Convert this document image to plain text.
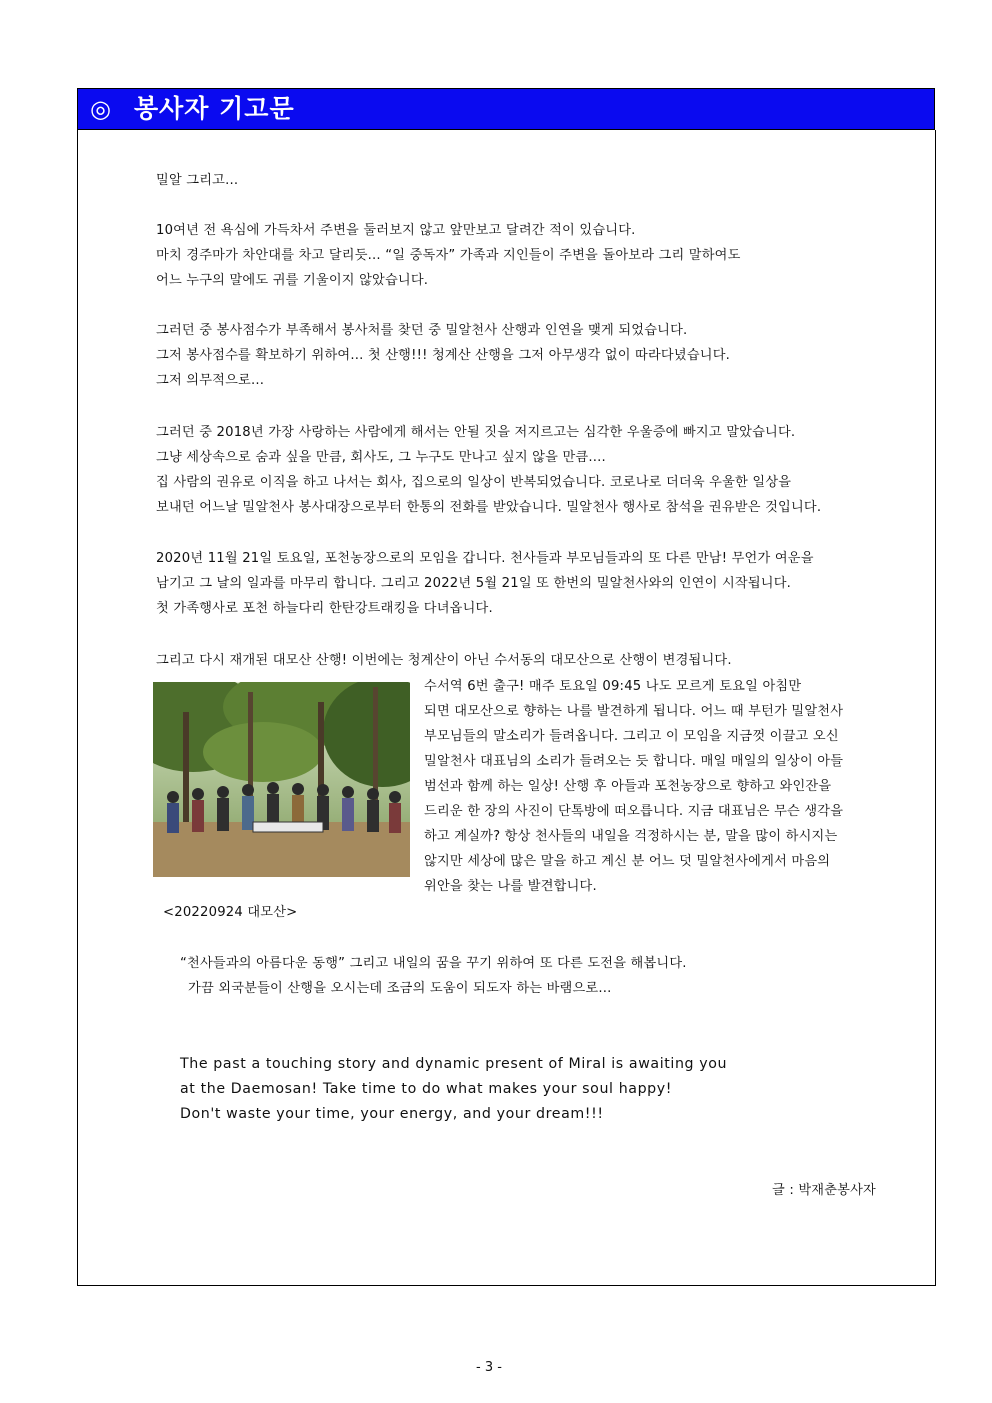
◎ 봉사자 기고문
밀알 그리고...
10여년 전 욕심에 가득차서 주변을 둘러보지 않고 앞만보고 달려간 적이 있습니다.
마치 경주마가 차안대를 차고 달리듯... “일 중독자” 가족과 지인들이 주변을 돌아보라 그리 말하여도
어느 누구의 말에도 귀를 기울이지 않았습니다.
그러던 중 봉사점수가 부족해서 봉사처를 찾던 중 밀알천사 산행과 인연을 맺게 되었습니다.
그저 봉사점수를 확보하기 위하여... 첫 산행!!! 청계산 산행을 그저 아무생각 없이 따라다녔습니다.
그저 의무적으로...
그러던 중 2018년 가장 사랑하는 사람에게 해서는 안될 짓을 저지르고는 심각한 우울증에 빠지고 말았습니다.
그냥 세상속으로 숨과 싶을 만큼, 회사도, 그 누구도 만나고 싶지 않을 만큼....
집 사람의 권유로 이직을 하고 나서는 회사, 집으로의 일상이 반복되었습니다. 코로나로 더더욱 우울한 일상을
보내던 어느날 밀알천사 봉사대장으로부터 한통의 전화를 받았습니다. 밀알천사 행사로 참석을 권유받은 것입니다.
2020년 11월 21일 토요일, 포천농장으로의 모임을 갑니다. 천사들과 부모님들과의 또 다른 만남! 무언가 여운을
남기고 그 날의 일과를 마무리 합니다. 그리고 2022년 5월 21일 또 한번의 밀알천사와의 인연이 시작됩니다.
첫 가족행사로 포천 하늘다리 한탄강트래킹을 다녀옵니다.
그리고 다시 재개된 대모산 산행! 이번에는 청계산이 아닌 수서동의 대모산으로 산행이 변경됩니다.
수서역 6번 출구! 매주 토요일 09:45 나도 모르게 토요일 아침만
되면 대모산으로 향하는 나를 발견하게 됩니다. 어느 때 부턴가 밀알천사
부모님들의 말소리가 들려옵니다. 그리고 이 모임을 지금껏 이끌고 오신
밀알천사 대표님의 소리가 들려오는 듯 합니다. 매일 매일의 일상이 아들
범선과 함께 하는 일상! 산행 후 아들과 포천농장으로 향하고 와인잔을
드리운 한 장의 사진이 단톡방에 떠오릅니다. 지금 대표님은 무슨 생각을
하고 계실까? 항상 천사들의 내일을 걱정하시는 분, 말을 많이 하시지는
않지만 세상에 많은 말을 하고 계신 분 어느 덧 밀알천사에게서 마음의
위안을 찾는 나를 발견합니다.
<20220924 대모산>
“천사들과의 아름다운 동행” 그리고 내일의 꿈을 꾸기 위하여 또 다른 도전을 해봅니다.
가끔 외국분들이 산행을 오시는데 조금의 도움이 되도자 하는 바램으로...
The past a touching story and dynamic present of Miral is awaiting you
at the Daemosan! Take time to do what makes your soul happy!
Don't waste your time, your energy, and your dream!!!
글 : 박재춘봉사자
- 3 -
